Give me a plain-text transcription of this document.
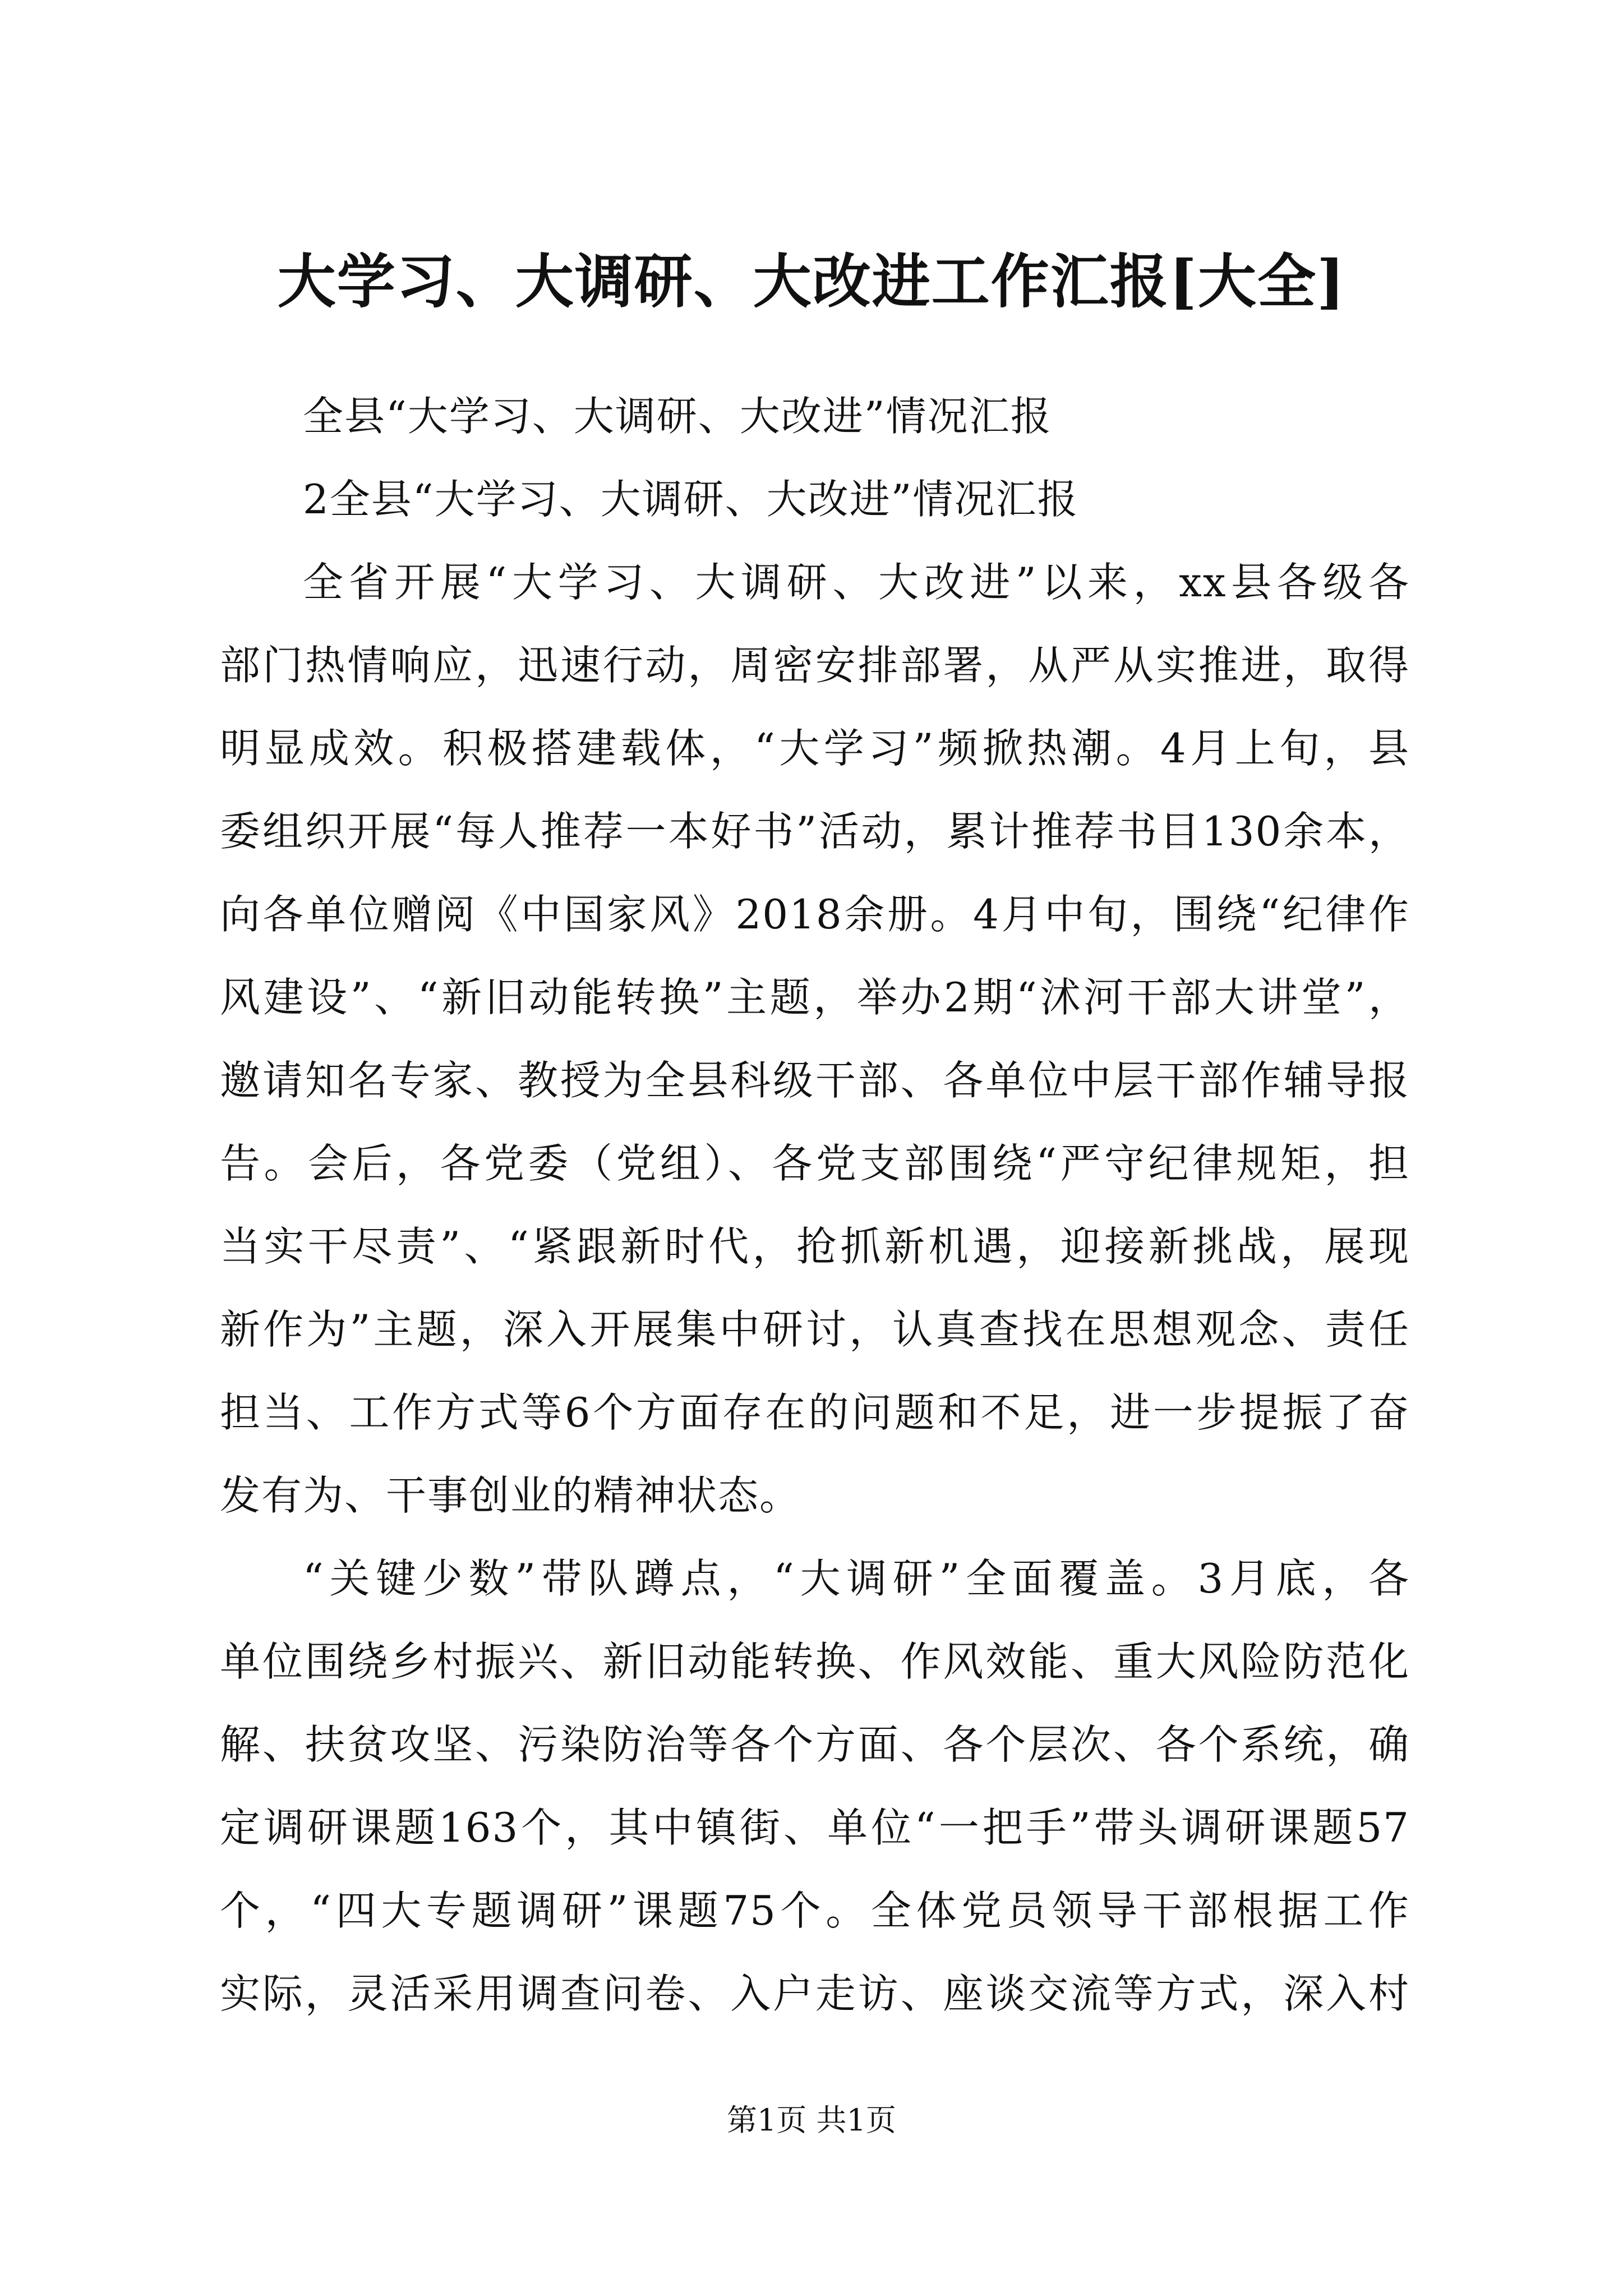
大学习、大调研、大改进工作汇报[大全]

全县“大学习、大调研、大改进”情况汇报

2全县“大学习、大调研、大改进”情况汇报

全省开展“大学习、大调研、大改进”以来，xx县各级各

部门热情响应，迅速行动，周密安排部署，从严从实推进，取得

明显成效。积极搭建载体，“大学习”频掀热潮。4月上旬，县

委组织开展“每人推荐一本好书”活动，累计推荐书目130余本，

向各单位赠阅《中国家风》2018余册。4月中旬，围绕“纪律作

风建设”、“新旧动能转换”主题，举办2期“沭河干部大讲堂”，

邀请知名专家、教授为全县科级干部、各单位中层干部作辅导报

告。会后，各党委（党组）、各党支部围绕“严守纪律规矩，担

当实干尽责”、“紧跟新时代，抢抓新机遇，迎接新挑战，展现

新作为”主题，深入开展集中研讨，认真查找在思想观念、责任

担当、工作方式等6个方面存在的问题和不足，进一步提振了奋

发有为、干事创业的精神状态。

“关键少数”带队蹲点，“大调研”全面覆盖。3月底，各

单位围绕乡村振兴、新旧动能转换、作风效能、重大风险防范化

解、扶贫攻坚、污染防治等各个方面、各个层次、各个系统，确

定调研课题163个，其中镇街、单位“一把手”带头调研课题57

个，“四大专题调研”课题75个。全体党员领导干部根据工作

实际，灵活采用调查问卷、入户走访、座谈交流等方式，深入村

第1页 共1页
